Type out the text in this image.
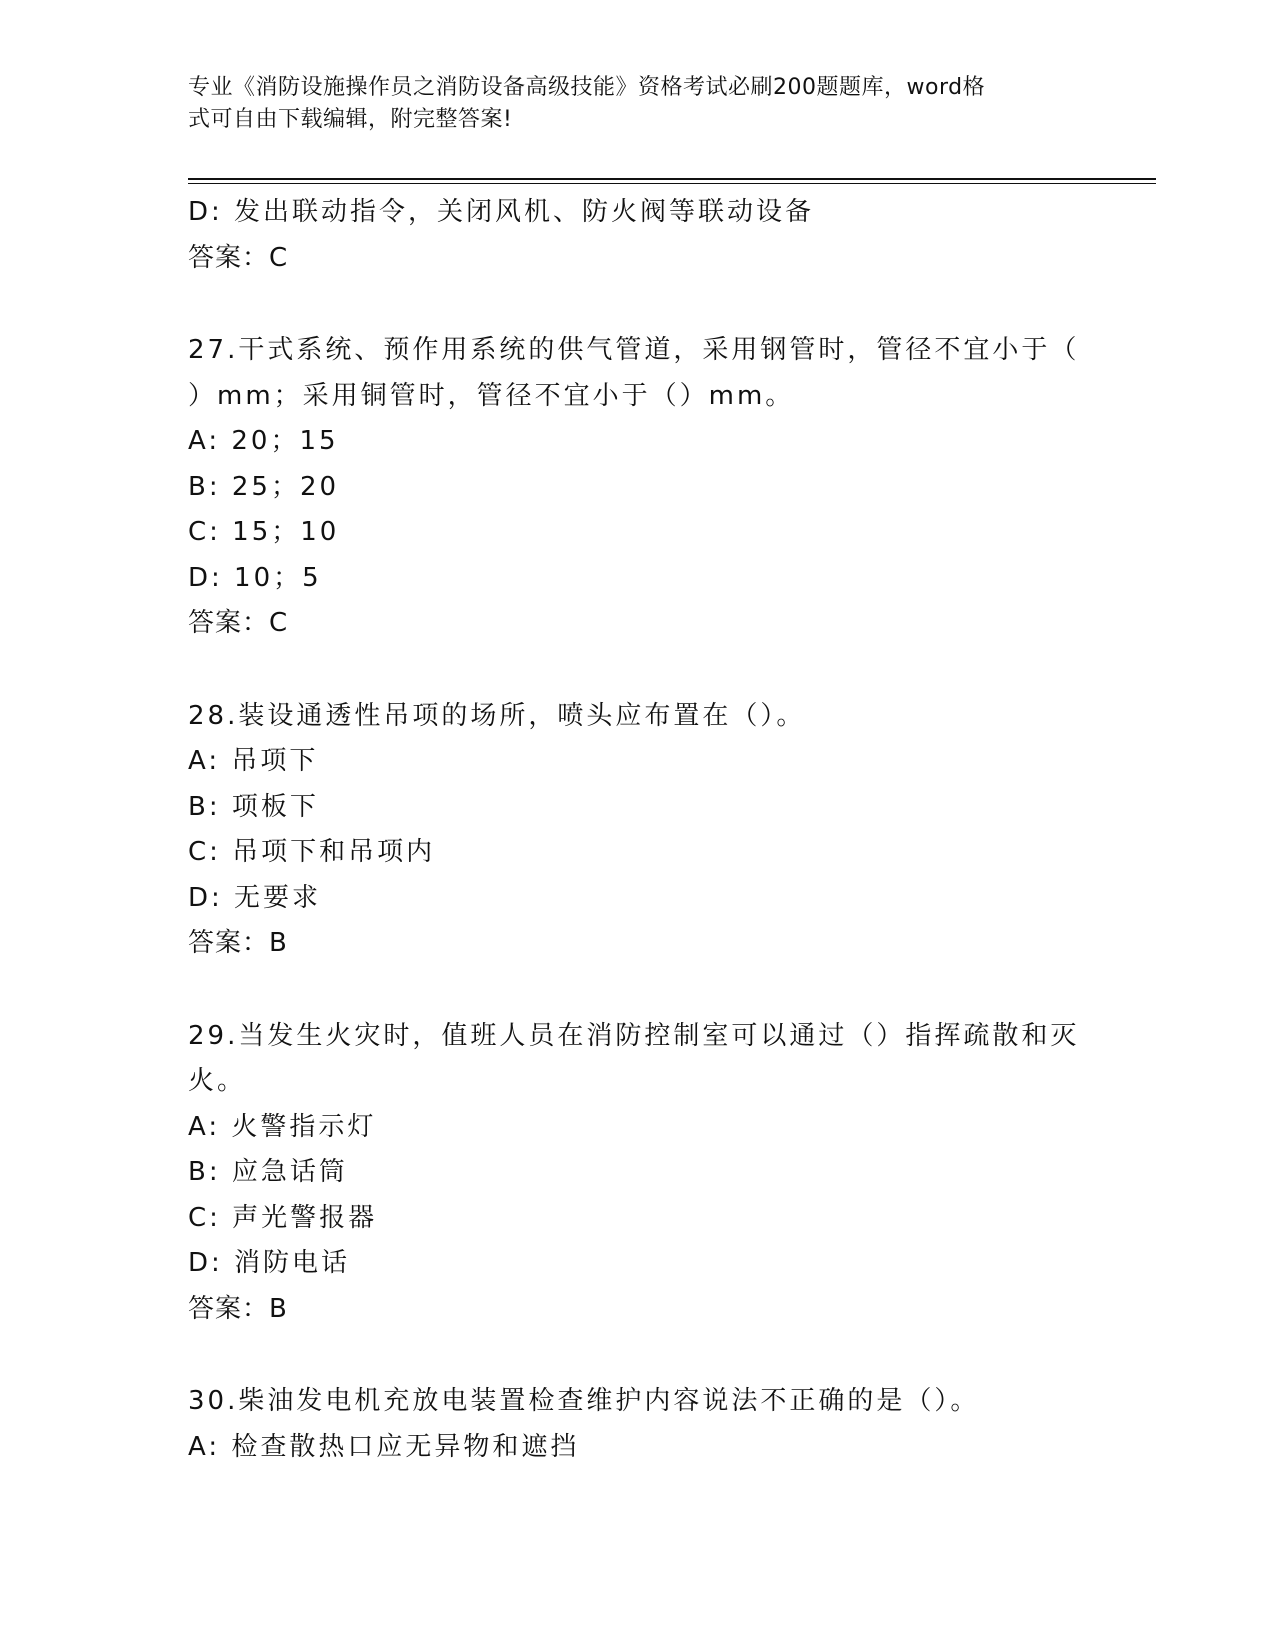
专业《消防设施操作员之消防设备高级技能》资格考试必刷200题题库，word格
式可自由下载编辑，附完整答案!
D: 发出联动指令，关闭风机、防火阀等联动设备
答案：C
27.干式系统、预作用系统的供气管道，采用钢管时，管径不宜小于（
）mm；采用铜管时，管径不宜小于（）mm。
A: 20；15
B: 25；20
C: 15；10
D: 10；5
答案：C
28.装设通透性吊项的场所，喷头应布置在（）。
A: 吊项下
B: 项板下
C: 吊项下和吊项内
D: 无要求
答案：B
29.当发生火灾时，值班人员在消防控制室可以通过（）指挥疏散和灭
火。
A: 火警指示灯
B: 应急话筒
C: 声光警报器
D: 消防电话
答案：B
30.柴油发电机充放电装置检查维护内容说法不正确的是（）。
A: 检查散热口应无异物和遮挡
